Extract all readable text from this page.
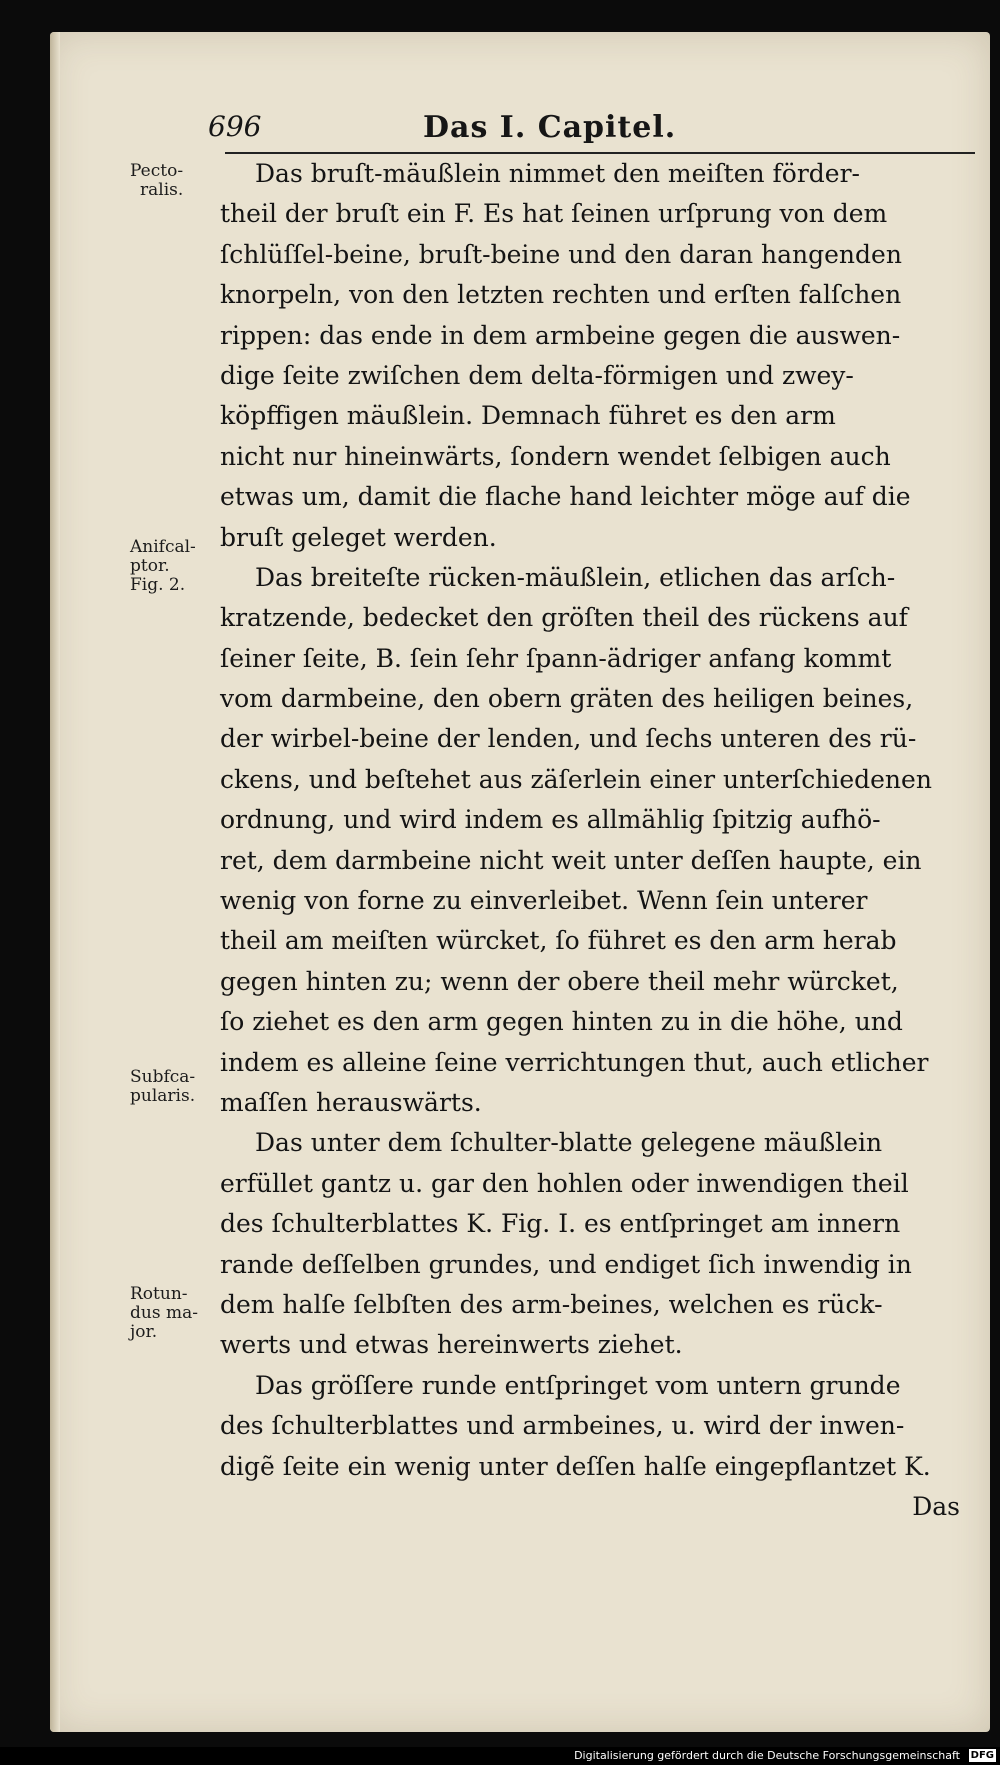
696	Das I. Capitel.
Pecto-
ralis.
Anifcal-
ptor.
Fig. 2.
Subfca-
pularis.
Rotun-
dus ma-
jor.
Das bruſt-mäußlein nimmet den meiſten förder-
theil der bruſt ein F. Es hat ſeinen urſprung von dem
ſchlüſſel-beine, bruſt-beine und den daran hangenden
knorpeln, von den letzten rechten und erſten falſchen
rippen: das ende in dem armbeine gegen die auswen-
dige ſeite zwiſchen dem delta-förmigen und zwey-
köpffigen mäußlein. Demnach führet es den arm
nicht nur hineinwärts, ſondern wendet ſelbigen auch
etwas um, damit die flache hand leichter möge auf die
bruſt geleget werden.
Das breiteſte rücken-mäußlein, etlichen das arſch-
kratzende, bedecket den gröſten theil des rückens auf
ſeiner ſeite, B. ſein ſehr ſpann-ädriger anfang kommt
vom darmbeine, den obern gräten des heiligen beines,
der wirbel-beine der lenden, und ſechs unteren des rü-
ckens, und beſtehet aus zäſerlein einer unterſchiedenen
ordnung, und wird indem es allmählig ſpitzig aufhö-
ret, dem darmbeine nicht weit unter deſſen haupte, ein
wenig von forne zu einverleibet. Wenn ſein unterer
theil am meiſten würcket, ſo führet es den arm herab
gegen hinten zu; wenn der obere theil mehr würcket,
ſo ziehet es den arm gegen hinten zu in die höhe, und
indem es alleine ſeine verrichtungen thut, auch etlicher
maſſen herauswärts.
Das unter dem ſchulter-blatte gelegene mäußlein
erfüllet gantz u. gar den hohlen oder inwendigen theil
des ſchulterblattes K. Fig. I. es entſpringet am innern
rande deſſelben grundes, und endiget ſich inwendig in
dem halſe ſelbſten des arm-beines, welchen es rück-
werts und etwas hereinwerts ziehet.
Das gröſſere runde entſpringet vom untern grunde
des ſchulterblattes und armbeines, u. wird der inwen-
digẽ ſeite ein wenig unter deſſen halſe eingepflantzet K.
Das
Digitalisierung gefördert durch die Deutsche Forschungsgemeinschaft DFG
